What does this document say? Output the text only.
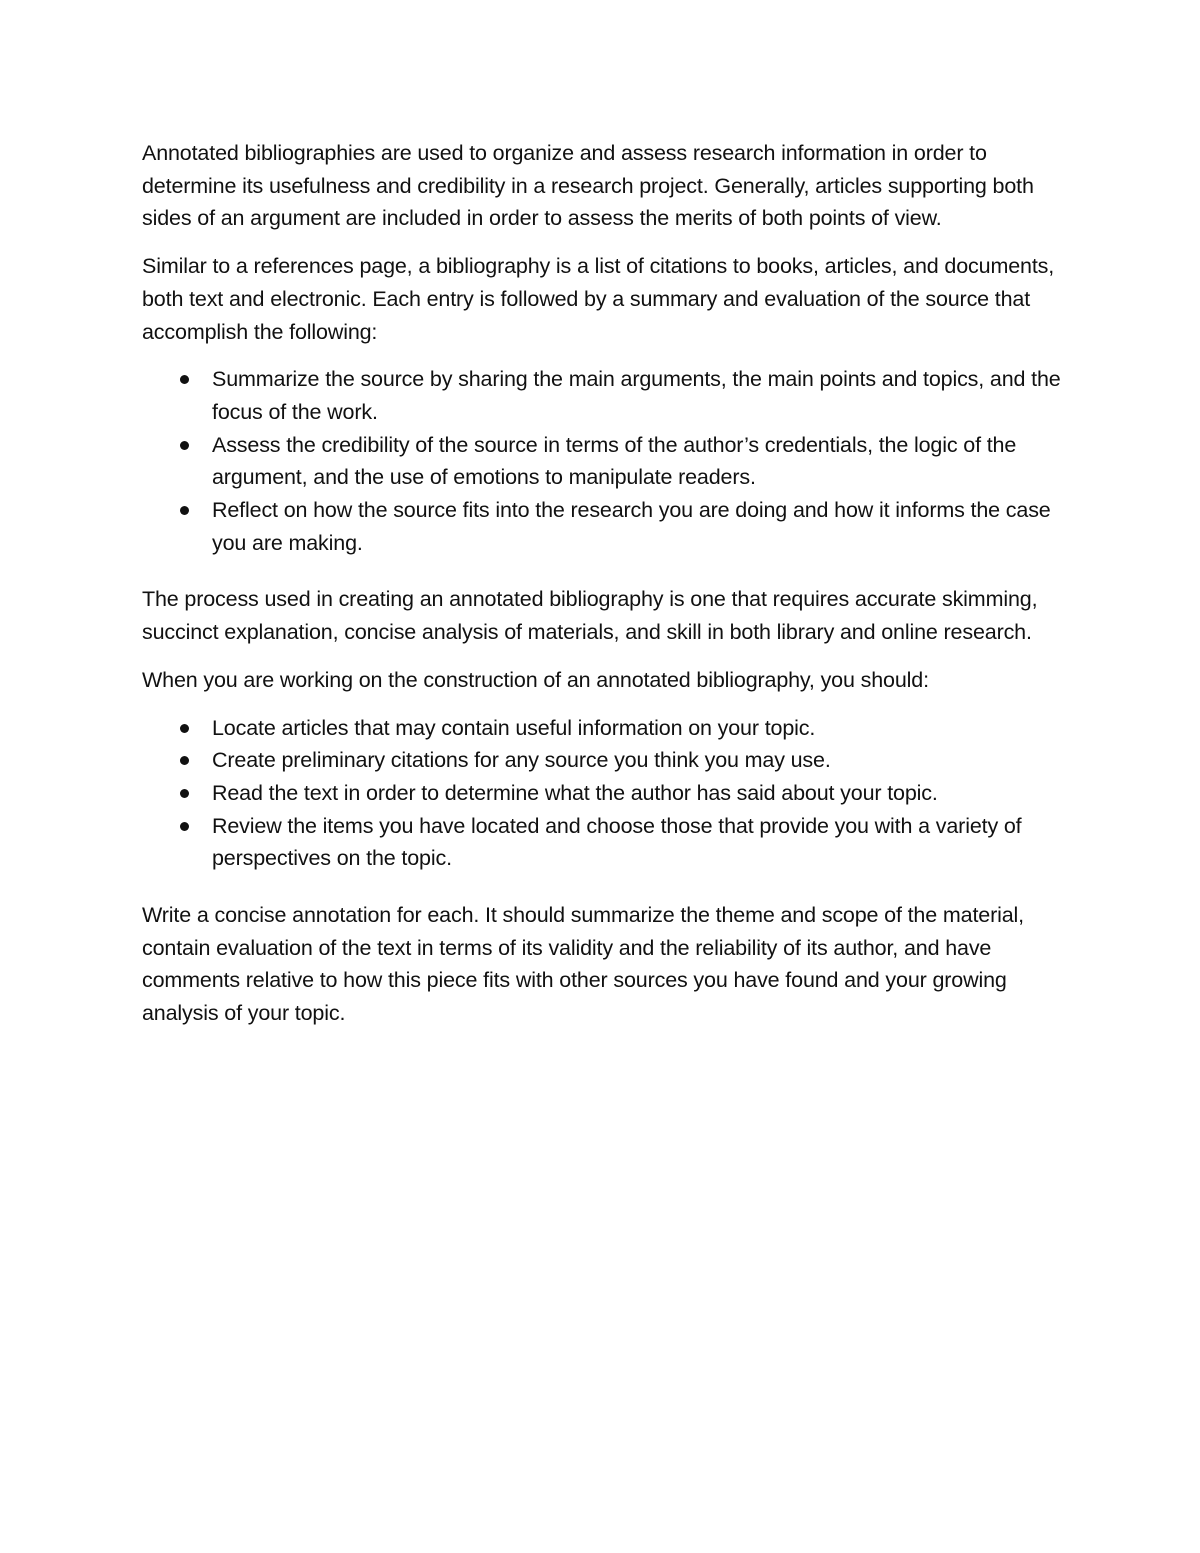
Annotated bibliographies are used to organize and assess research information in order to determine its usefulness and credibility in a research project. Generally, articles supporting both sides of an argument are included in order to assess the merits of both points of view.

Similar to a references page, a bibliography is a list of citations to books, articles, and documents, both text and electronic. Each entry is followed by a summary and evaluation of the source that accomplish the following:

Summarize the source by sharing the main arguments, the main points and topics, and the focus of the work.
Assess the credibility of the source in terms of the author’s credentials, the logic of the argument, and the use of emotions to manipulate readers.
Reflect on how the source fits into the research you are doing and how it informs the case you are making.

The process used in creating an annotated bibliography is one that requires accurate skimming, succinct explanation, concise analysis of materials, and skill in both library and online research.

When you are working on the construction of an annotated bibliography, you should:

Locate articles that may contain useful information on your topic.
Create preliminary citations for any source you think you may use.
Read the text in order to determine what the author has said about your topic.
Review the items you have located and choose those that provide you with a variety of perspectives on the topic.

Write a concise annotation for each. It should summarize the theme and scope of the material, contain evaluation of the text in terms of its validity and the reliability of its author, and have comments relative to how this piece fits with other sources you have found and your growing analysis of your topic.
